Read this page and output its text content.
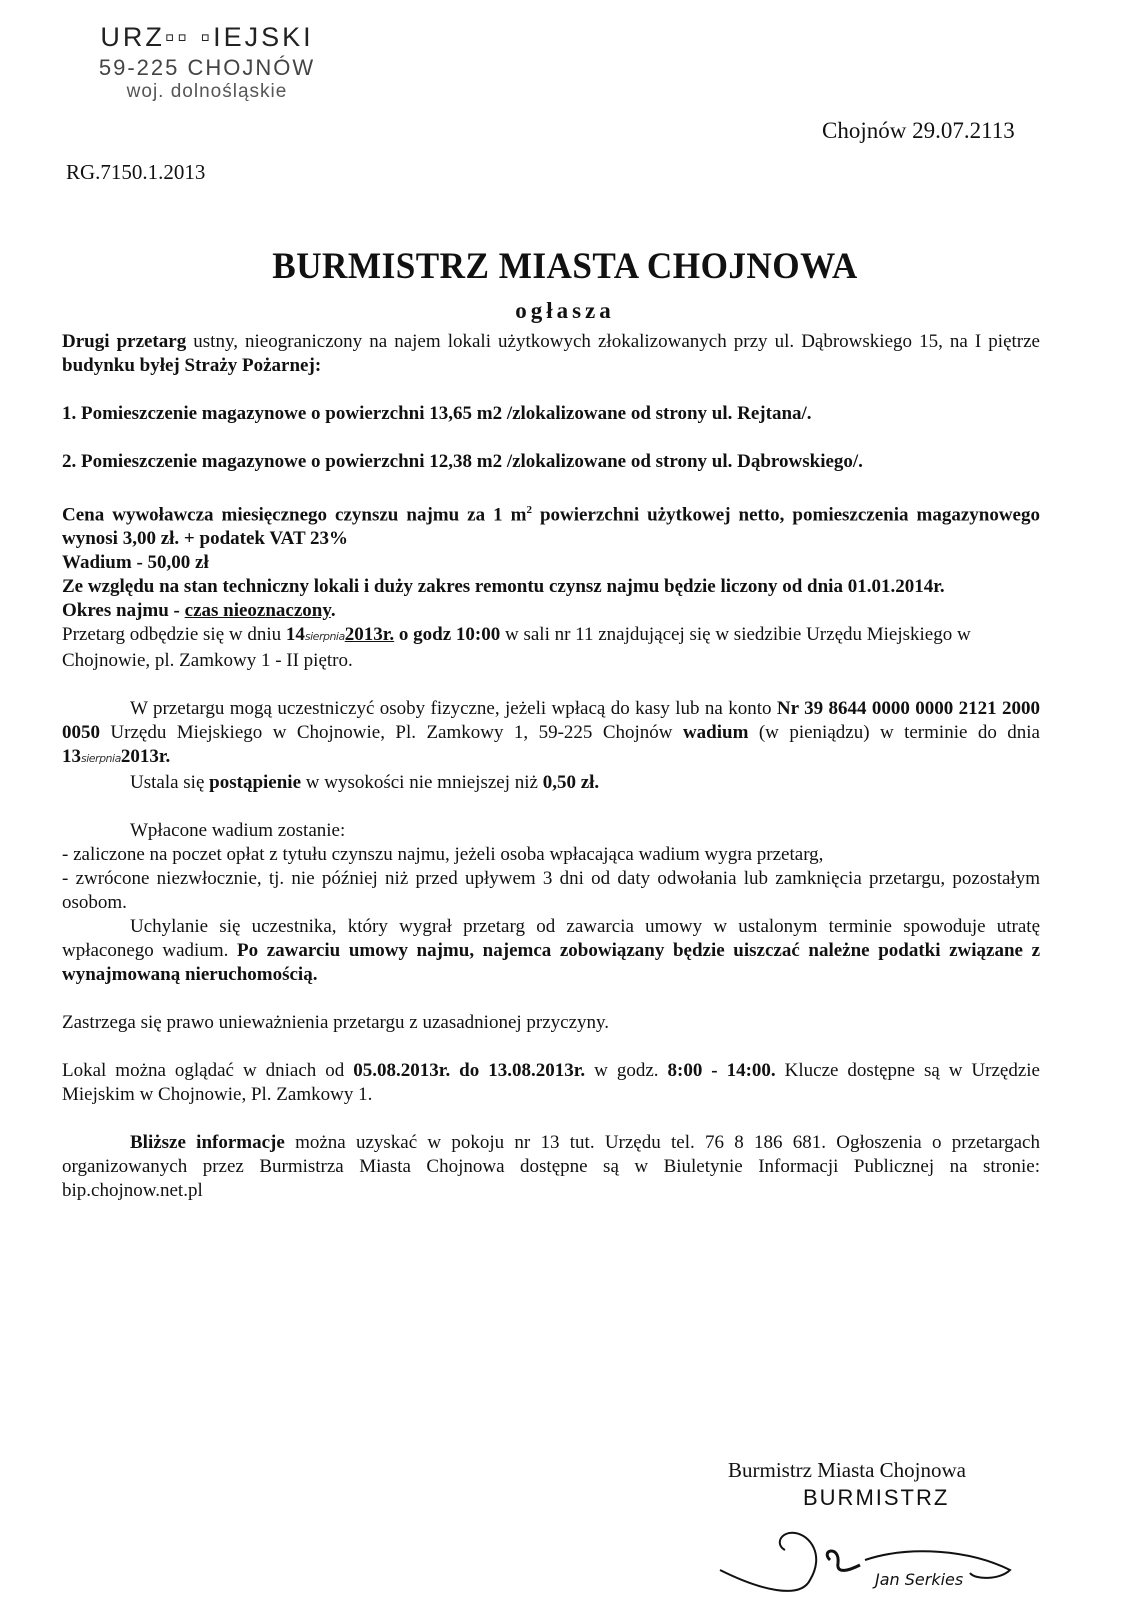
URZ▫▫ ▫IEJSKI
59-225 CHOJNÓW
woj. dolnośląskie
RG.7150.1.2013
Chojnów 29.07.2113
BURMISTRZ MIASTA CHOJNOWA
ogłasza

Drugi przetarg ustny, nieograniczony na najem lokali użytkowych złokalizowanych przy ul. Dąbrowskiego 15, na I piętrze budynku byłej Straży Pożarnej:

1. Pomieszczenie magazynowe o powierzchni 13,65 m2 /zlokalizowane od strony ul. Rejtana/.

2. Pomieszczenie magazynowe o powierzchni 12,38 m2 /zlokalizowane od strony ul. Dąbrowskiego/.

Cena wywoławcza miesięcznego czynszu najmu za 1 $m^2$ powierzchni użytkowej netto, pomieszczenia magazynowego wynosi 3,00 zł. + podatek VAT 23%

Wadium - 50,00 zł

Ze względu na stan techniczny lokali i duży zakres remontu czynsz najmu będzie liczony od dnia 01.01.2014r.

Okres najmu - czas nieoznaczony.

Przetarg odbędzie się w dniu 14sierpnia2013r. o godz 10:00 w sali nr 11 znajdującej się w siedzibie Urzędu Miejskiego w Chojnowie, pl. Zamkowy 1 - II piętro.

W przetargu mogą uczestniczyć osoby fizyczne, jeżeli wpłacą do kasy lub na konto Nr 39 8644 0000 0000 2121 2000 0050 Urzędu Miejskiego w Chojnowie, Pl. Zamkowy 1, 59-225 Chojnów wadium (w pieniądzu) w terminie do dnia 13sierpnia2013r.

Ustala się postąpienie w wysokości nie mniejszej niż 0,50 zł.

Wpłacone wadium zostanie:

- zaliczone na poczet opłat z tytułu czynszu najmu, jeżeli osoba wpłacająca wadium wygra przetarg,

- zwrócone niezwłocznie, tj. nie później niż przed upływem 3 dni od daty odwołania lub zamknięcia przetargu, pozostałym osobom.

Uchylanie się uczestnika, który wygrał przetarg od zawarcia umowy w ustalonym terminie spowoduje utratę wpłaconego wadium. Po zawarciu umowy najmu, najemca zobowiązany będzie uiszczać należne podatki związane z wynajmowaną nieruchomością.

Zastrzega się prawo unieważnienia przetargu z uzasadnionej przyczyny.

Lokal można oglądać w dniach od 05.08.2013r. do 13.08.2013r. w godz. 8:00 - 14:00. Klucze dostępne są w Urzędzie Miejskim w Chojnowie, Pl. Zamkowy 1.

Bliższe informacje można uzyskać w pokoju nr 13 tut. Urzędu tel. 76 8 186 681. Ogłoszenia o przetargach organizowanych przez Burmistrza Miasta Chojnowa dostępne są w Biuletynie Informacji Publicznej na stronie: bip.chojnow.net.pl

Burmistrz Miasta Chojnowa
BURMISTRZ
Jan Serkies
